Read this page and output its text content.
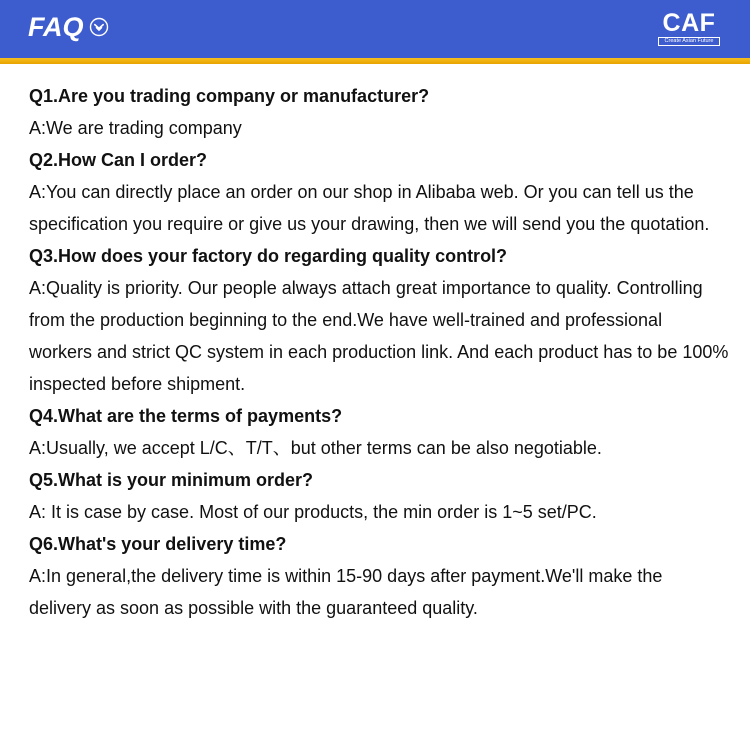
FAQ	CAF
Create Asian Future

Q1.Are you trading company or manufacturer?

A:We are trading company

Q2.How Can I order?

A:You can directly place an order on our shop in Alibaba web. Or you can tell us the specification you require or give us your drawing, then we will send you the quotation.

Q3.How does your factory do regarding quality control?

A:Quality is priority. Our people always attach great importance to quality. Controlling from the production beginning to the end.We have well-trained and professional workers and strict QC system in each production link. And each product has to be 100% inspected before shipment.

Q4.What are the terms of payments?

A:Usually, we accept L/C、T/T、but other terms can be also negotiable.

Q5.What is your minimum order?

A: It is case by case. Most of our products, the min order is 1~5 set/PC.

Q6.What's your delivery time?

A:In general,the delivery time is within 15-90 days after payment.We'll make the delivery as soon as possible with the guaranteed quality.
